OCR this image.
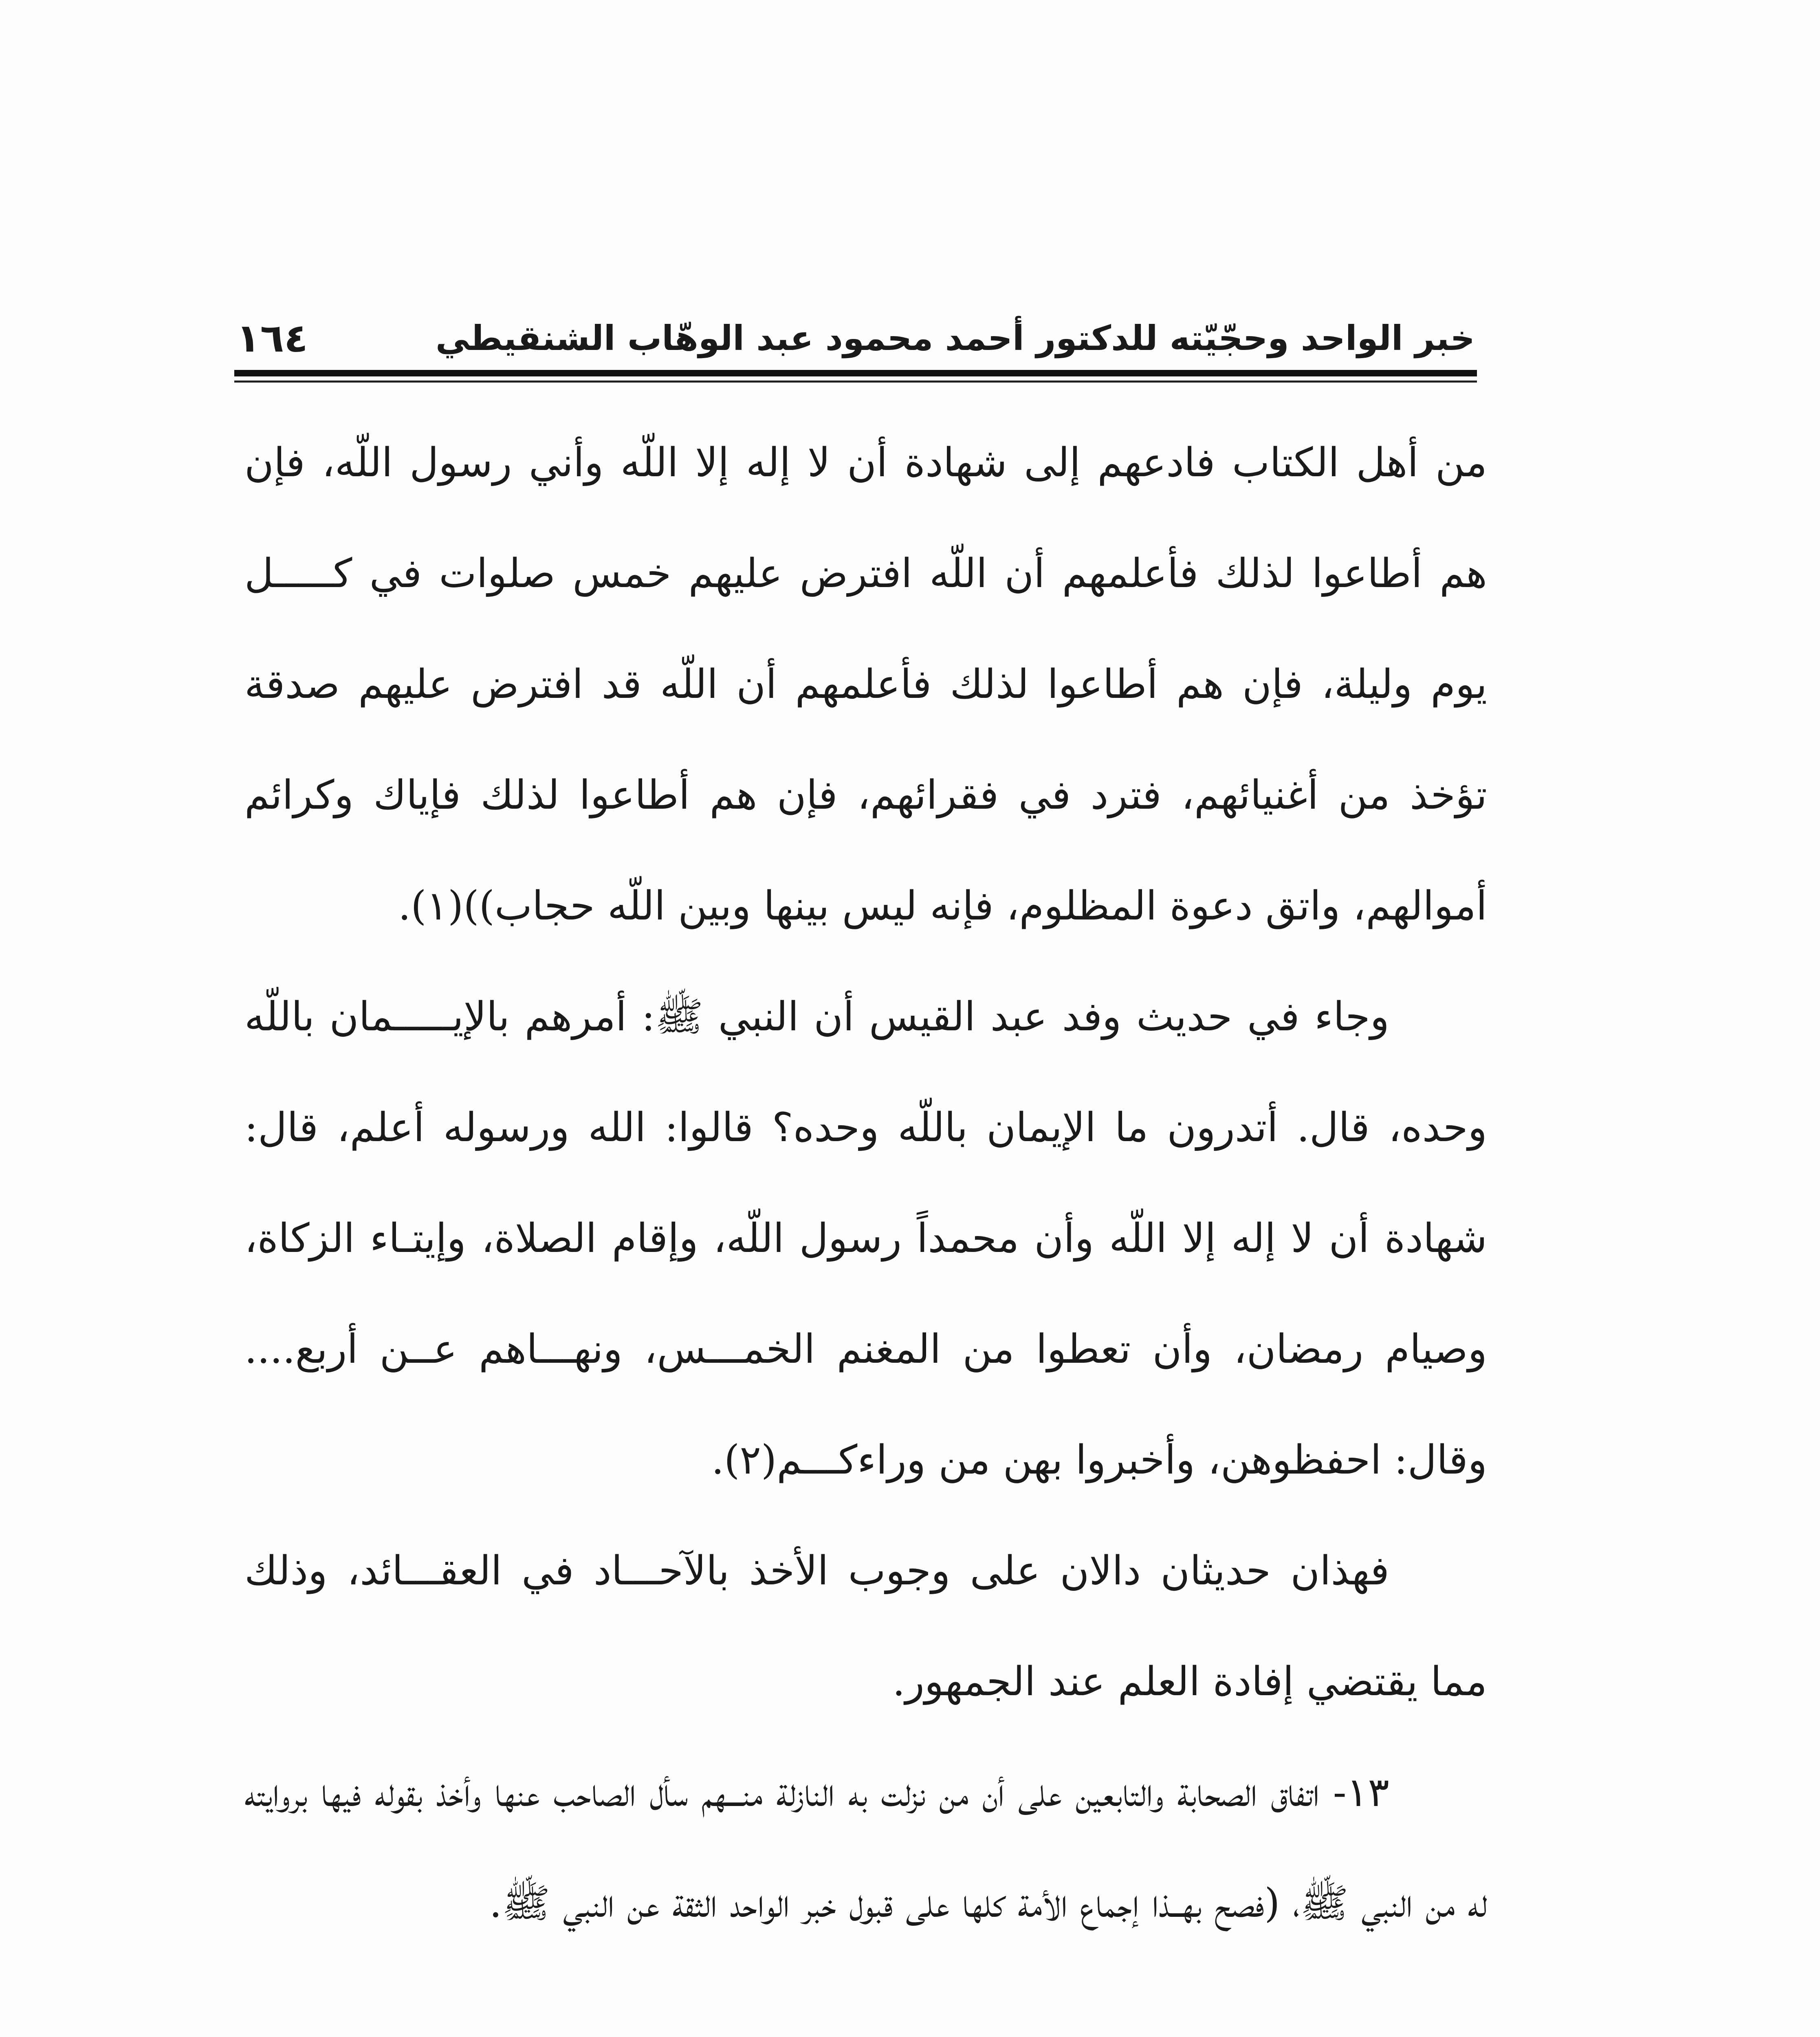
خبر الواحد وحجّيّته للدكتور أحمد محمود عبد الوهّاب الشنقيطي
١٦٤

من أهل الكتاب فادعهم إلى شهادة أن لا إله إلا اللّه وأني رسول اللّه، فإن هم أطاعوا لذلك فأعلمهم أن اللّه افترض عليهم خمس صلوات في كـــــل يوم وليلة، فإن هم أطاعوا لذلك فأعلمهم أن اللّه قد افترض عليهم صدقة تؤخذ من أغنيائهم، فترد في فقرائهم، فإن هم أطاعوا لذلك فإياك وكرائم أموالهم، واتق دعوة المظلوم، فإنه ليس بينها وبين اللّه حجاب))(١).

وجاء في حديث وفد عبد القيس أن النبي ﷺ: أمرهم بالإيـــــمان باللّه وحده، قال. أتدرون ما الإيمان باللّه وحده؟ قالوا: الله ورسوله أعلم، قال: شهادة أن لا إله إلا اللّه وأن محمداً رسول اللّه، وإقام الصلاة، وإيتـاء الزكاة، وصيام رمضان، وأن تعطوا من المغنم الخمـــس، ونهـــاهم عــن أربع.... وقال: احفظوهن، وأخبروا بهن من وراءكـــم(٢).

فهذان حديثان دالان على وجوب الأخذ بالآحـــاد في العقـــائد، وذلك مما يقتضي إفادة العلم عند الجمهور.

١٣- اتفاق الصحابة والتابعين على أن من نزلت به النازلة منـــهم سأل الصاحب عنها وأخذ بقوله فيها بروايته له من النبي ﷺ، (فصح بهــذا إجماع الأمة كلها على قبول خبر الواحد الثقة عن النبي ﷺ.
